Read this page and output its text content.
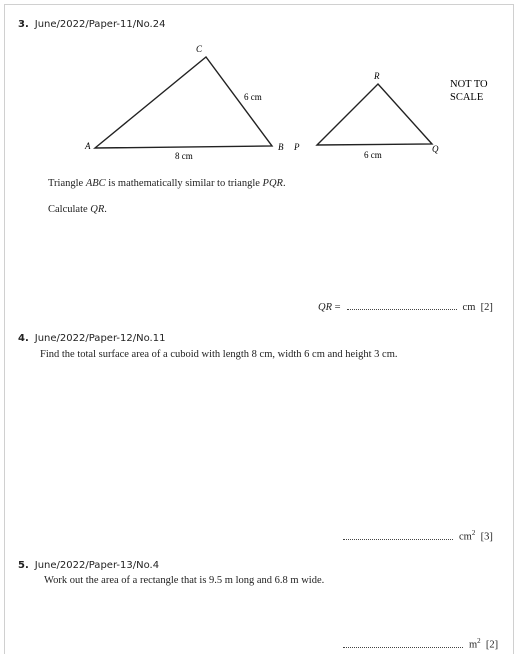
3. June/2022/Paper-11/No.24
C
A	B P
R
Q
6 cm
8 cm	6 cm
NOT TO
SCALE
Triangle ABC is mathematically similar to triangle PQR.
Calculate QR.
QR =	cm [2]
4. June/2022/Paper-12/No.11
Find the total surface area of a cuboid with length 8 cm, width 6 cm and height 3 cm.
$cm^2$ [3]
5. June/2022/Paper-13/No.4
Work out the area of a rectangle that is 9.5 m long and 6.8 m wide.
$m^2$ [2]
